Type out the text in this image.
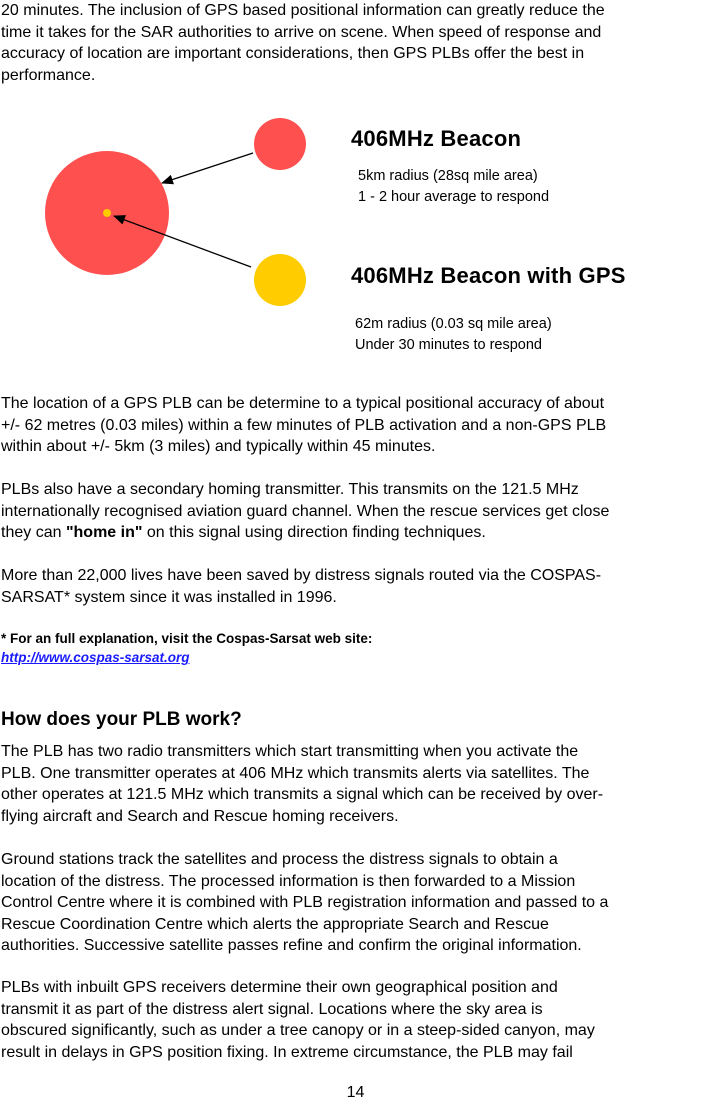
20 minutes. The inclusion of GPS based positional information can greatly reduce the
time it takes for the SAR authorities to arrive on scene. When speed of response and
accuracy of location are important considerations, then GPS PLBs offer the best in
performance.
406MHz Beacon
5km radius (28sq mile area)
1 - 2 hour average to respond
406MHz Beacon with GPS
62m radius (0.03 sq mile area)
Under 30 minutes to respond
The location of a GPS PLB can be determine to a typical positional accuracy of about
+/- 62 metres (0.03 miles) within a few minutes of PLB activation and a non-GPS PLB
within about +/- 5km (3 miles) and typically within 45 minutes.
PLBs also have a secondary homing transmitter. This transmits on the 121.5 MHz
internationally recognised aviation guard channel. When the rescue services get close
they can "home in" on this signal using direction finding techniques.
More than 22,000 lives have been saved by distress signals routed via the COSPAS-
SARSAT* system since it was installed in 1996.
* For an full explanation, visit the Cospas-Sarsat web site:
http://www.cospas-sarsat.org
How does your PLB work?
The PLB has two radio transmitters which start transmitting when you activate the
PLB. One transmitter operates at 406 MHz which transmits alerts via satellites. The
other operates at 121.5 MHz which transmits a signal which can be received by over-
flying aircraft and Search and Rescue homing receivers.
Ground stations track the satellites and process the distress signals to obtain a
location of the distress. The processed information is then forwarded to a Mission
Control Centre where it is combined with PLB registration information and passed to a
Rescue Coordination Centre which alerts the appropriate Search and Rescue
authorities. Successive satellite passes refine and confirm the original information.
PLBs with inbuilt GPS receivers determine their own geographical position and
transmit it as part of the distress alert signal. Locations where the sky area is
obscured significantly, such as under a tree canopy or in a steep-sided canyon, may
result in delays in GPS position fixing. In extreme circumstance, the PLB may fail
14
